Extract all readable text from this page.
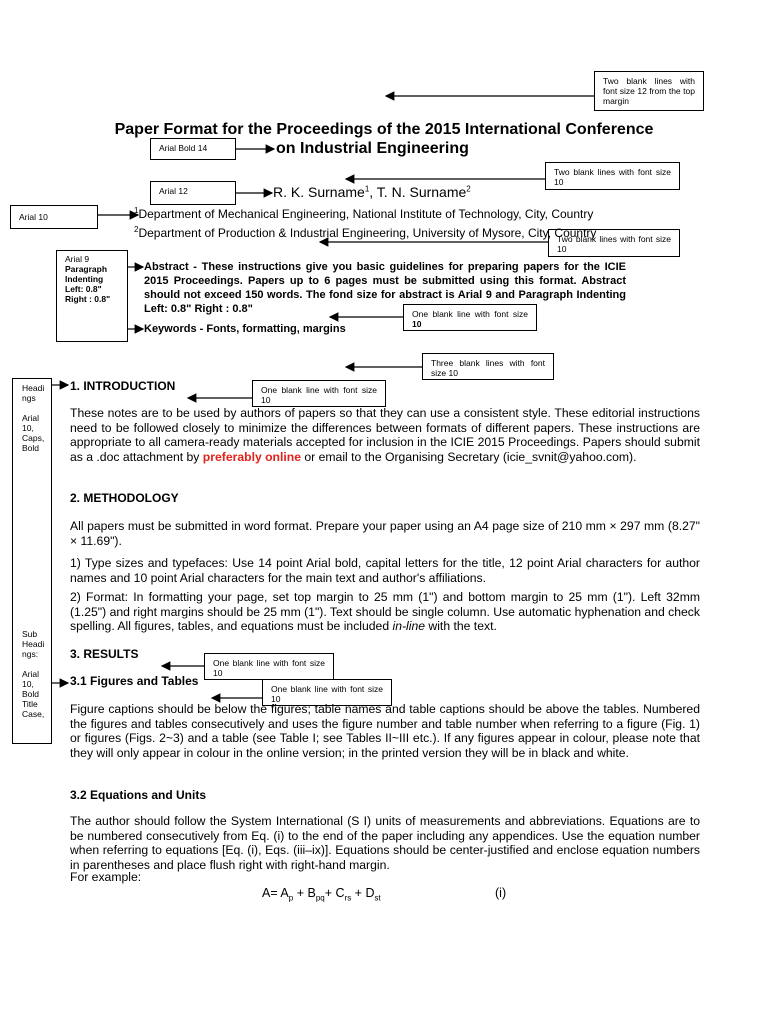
Two blank lines with font size 12 from the top margin
Arial Bold 14
Two blank lines with font size 10
Arial 12
Arial 10
Two blank lines with font size 10
Arial 9
Paragraph
Indenting
Left: 0.8"
Right : 0.8"
One blank line with font size 10
Three blank lines with font size 10
One blank line with font size 10
One blank line with font size 10
One blank line with font size 10
Headi
ngs
Arial
10,
Caps,
Bold
Sub
Headi
ngs:
Arial
10,
Bold
Title
Case,
Paper Format for the Proceedings of the 2015 International Conference
on Industrial Engineering
R. K. Surname$^1$, T. N. Surname$^2$
$^1$Department of Mechanical Engineering, National Institute of Technology, City, Country
$^2$Department of Production & Industrial Engineering, University of Mysore, City, Country
Abstract - These instructions give you basic guidelines for preparing papers for the ICIE 2015 Proceedings. Papers up to 6 pages must be submitted using this format. Abstract should not exceed 150 words. The fond size for abstract is Arial 9 and Paragraph Indenting Left: 0.8" Right : 0.8"
Keywords - Fonts, formatting, margins
1. INTRODUCTION
These notes are to be used by authors of papers so that they can use a consistent style. These editorial instructions need to be followed closely to minimize the differences between formats of different papers. These instructions are appropriate to all camera-ready materials accepted for inclusion in the ICIE 2015 Proceedings. Papers should submit as a .doc attachment by preferably online or email to the Organising Secretary (icie_svnit@yahoo.com).
2. METHODOLOGY
All papers must be submitted in word format. Prepare your paper using an A4 page size of 210 mm × 297 mm (8.27" × 11.69").
1) Type sizes and typefaces: Use 14 point Arial bold, capital letters for the title, 12 point Arial characters for author names and 10 point Arial characters for the main text and author's affiliations.
2) Format: In formatting your page, set top margin to 25 mm (1") and bottom margin to 25 mm (1"). Left 32mm (1.25") and right margins should be 25 mm (1"). Text should be single column. Use automatic hyphenation and check spelling. All figures, tables, and equations must be included in-line with the text.
3. RESULTS
3.1 Figures and Tables
Figure captions should be below the figures; table names and table captions should be above the tables. Numbered the figures and tables consecutively and uses the figure number and table number when referring to a figure (Fig. 1) or figures (Figs. 2~3) and a table (see Table I; see Tables II~III etc.). If any figures appear in colour, please note that they will only appear in colour in the online version; in the printed version they will be in black and white.
3.2 Equations and Units
The author should follow the System International (S I) units of measurements and abbreviations. Equations are to be numbered consecutively from Eq. (i) to the end of the paper including any appendices. Use the equation number when referring to equations [Eq. (i), Eqs. (iii–ix)]. Equations should be center-justified and enclose equation numbers in parentheses and place flush right with right-hand margin.
For example:
$A= A_p + B_{pq}+ C_{rs} + D_{st}$	(i)
